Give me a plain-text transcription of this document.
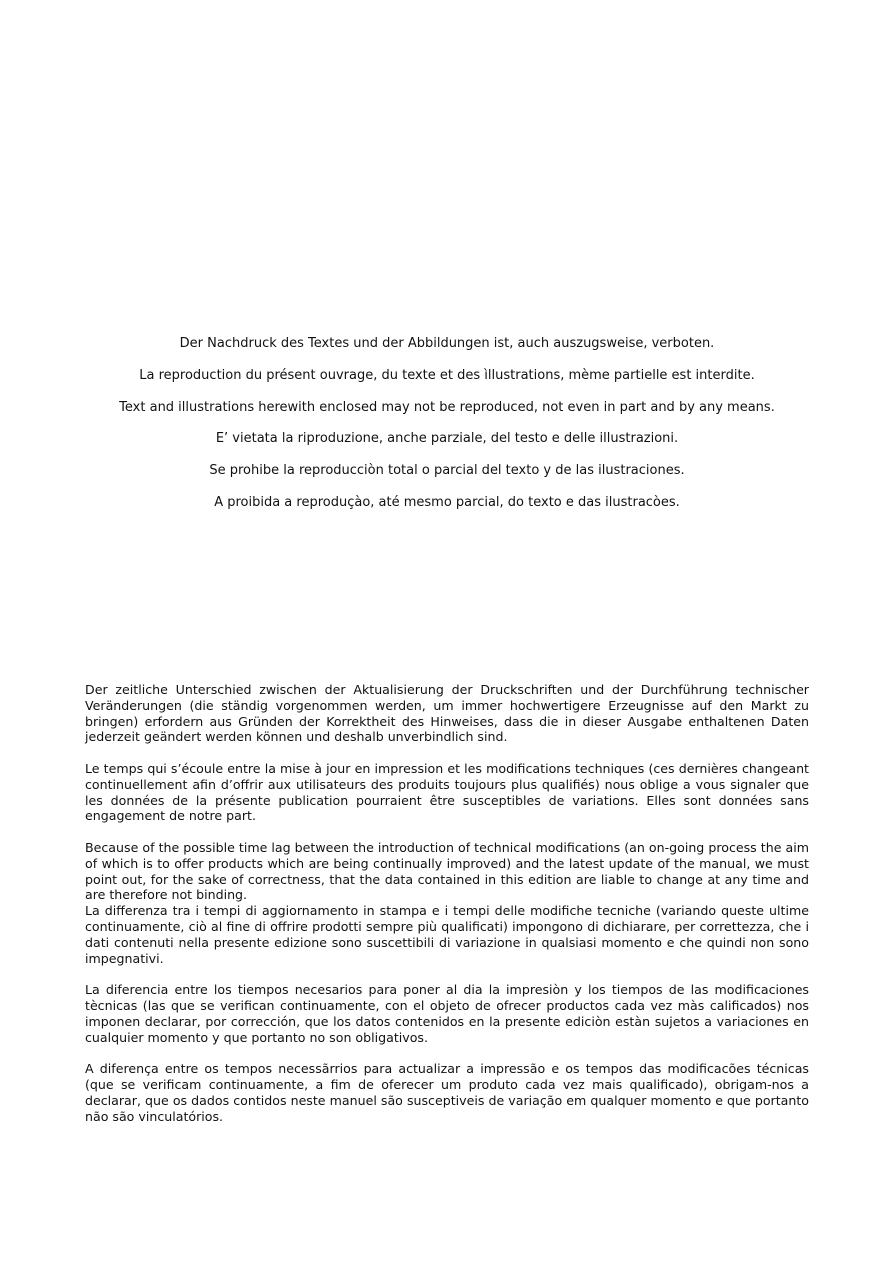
Der Nachdruck des Textes und der Abbildungen ist, auch auszugsweise, verboten.

La reproduction du présent ouvrage, du texte et des ìllustrations, mème partielle est interdite.

Text and illustrations herewith enclosed may not be reproduced, not even in part and by any means.

E’ vietata la riproduzione, anche parziale, del testo e delle illustrazioni.

Se prohibe la reproducciòn total o parcial del texto y de las ilustraciones.

A proibida a reproduçào, até mesmo parcial, do texto e das ilustracòes.

Der zeitliche Unterschied zwischen der Aktualisierung der Druckschriften und der Durchführung technischer Veränderungen (die ständig vorgenommen werden, um immer hochwertigere Erzeugnisse auf den Markt zu bringen) erfordern aus Gründen der Korrektheit des Hinweises, dass die in dieser Ausgabe enthaltenen Daten jederzeit geändert werden können und deshalb unverbindlich sind.

Le temps qui s’écoule entre la mise à jour en impression et les modifications techniques (ces dernières changeant continuellement afin d’offrir aux utilisateurs des produits toujours plus qualifiés) nous oblige a vous signaler que les données de la présente publication pourraient être susceptibles de variations. Elles sont données sans engagement de notre part.

Because of the possible time lag between the introduction of technical modifications (an on-going process the aim of which is to offer products which are being continually improved) and the latest update of the manual, we must point out, for the sake of correctness, that the data contained in this edition are liable to change at any time and are therefore not binding.

La differenza tra i tempi di aggiornamento in stampa e i tempi delle modifiche tecniche (variando queste ultime continuamente, ciò al fine di offrire prodotti sempre più qualificati) impongono di dichiarare, per correttezza, che i dati contenuti nella presente edizione sono suscettibili di variazione in qualsiasi momento e che quindi non sono impegnativi.

La diferencia entre los tiempos necesarios para poner al dia la impresiòn y los tiempos de las modificaciones tècnicas (las que se verifican continuamente, con el objeto de ofrecer productos cada vez màs calificados) nos imponen declarar, por corrección, que los datos contenidos en la presente ediciòn estàn sujetos a variaciones en cualquier momento y que portanto no son obligativos.

A diferença entre os tempos necessãrrios para actualizar a impressão e os tempos das modificacões técnicas (que se verificam continuamente, a fim de oferecer um produto cada vez mais qualificado), obrigam-nos a declarar, que os dados contidos neste manuel são susceptiveis de variação em qualquer momento e que portanto não são vinculatórios.
